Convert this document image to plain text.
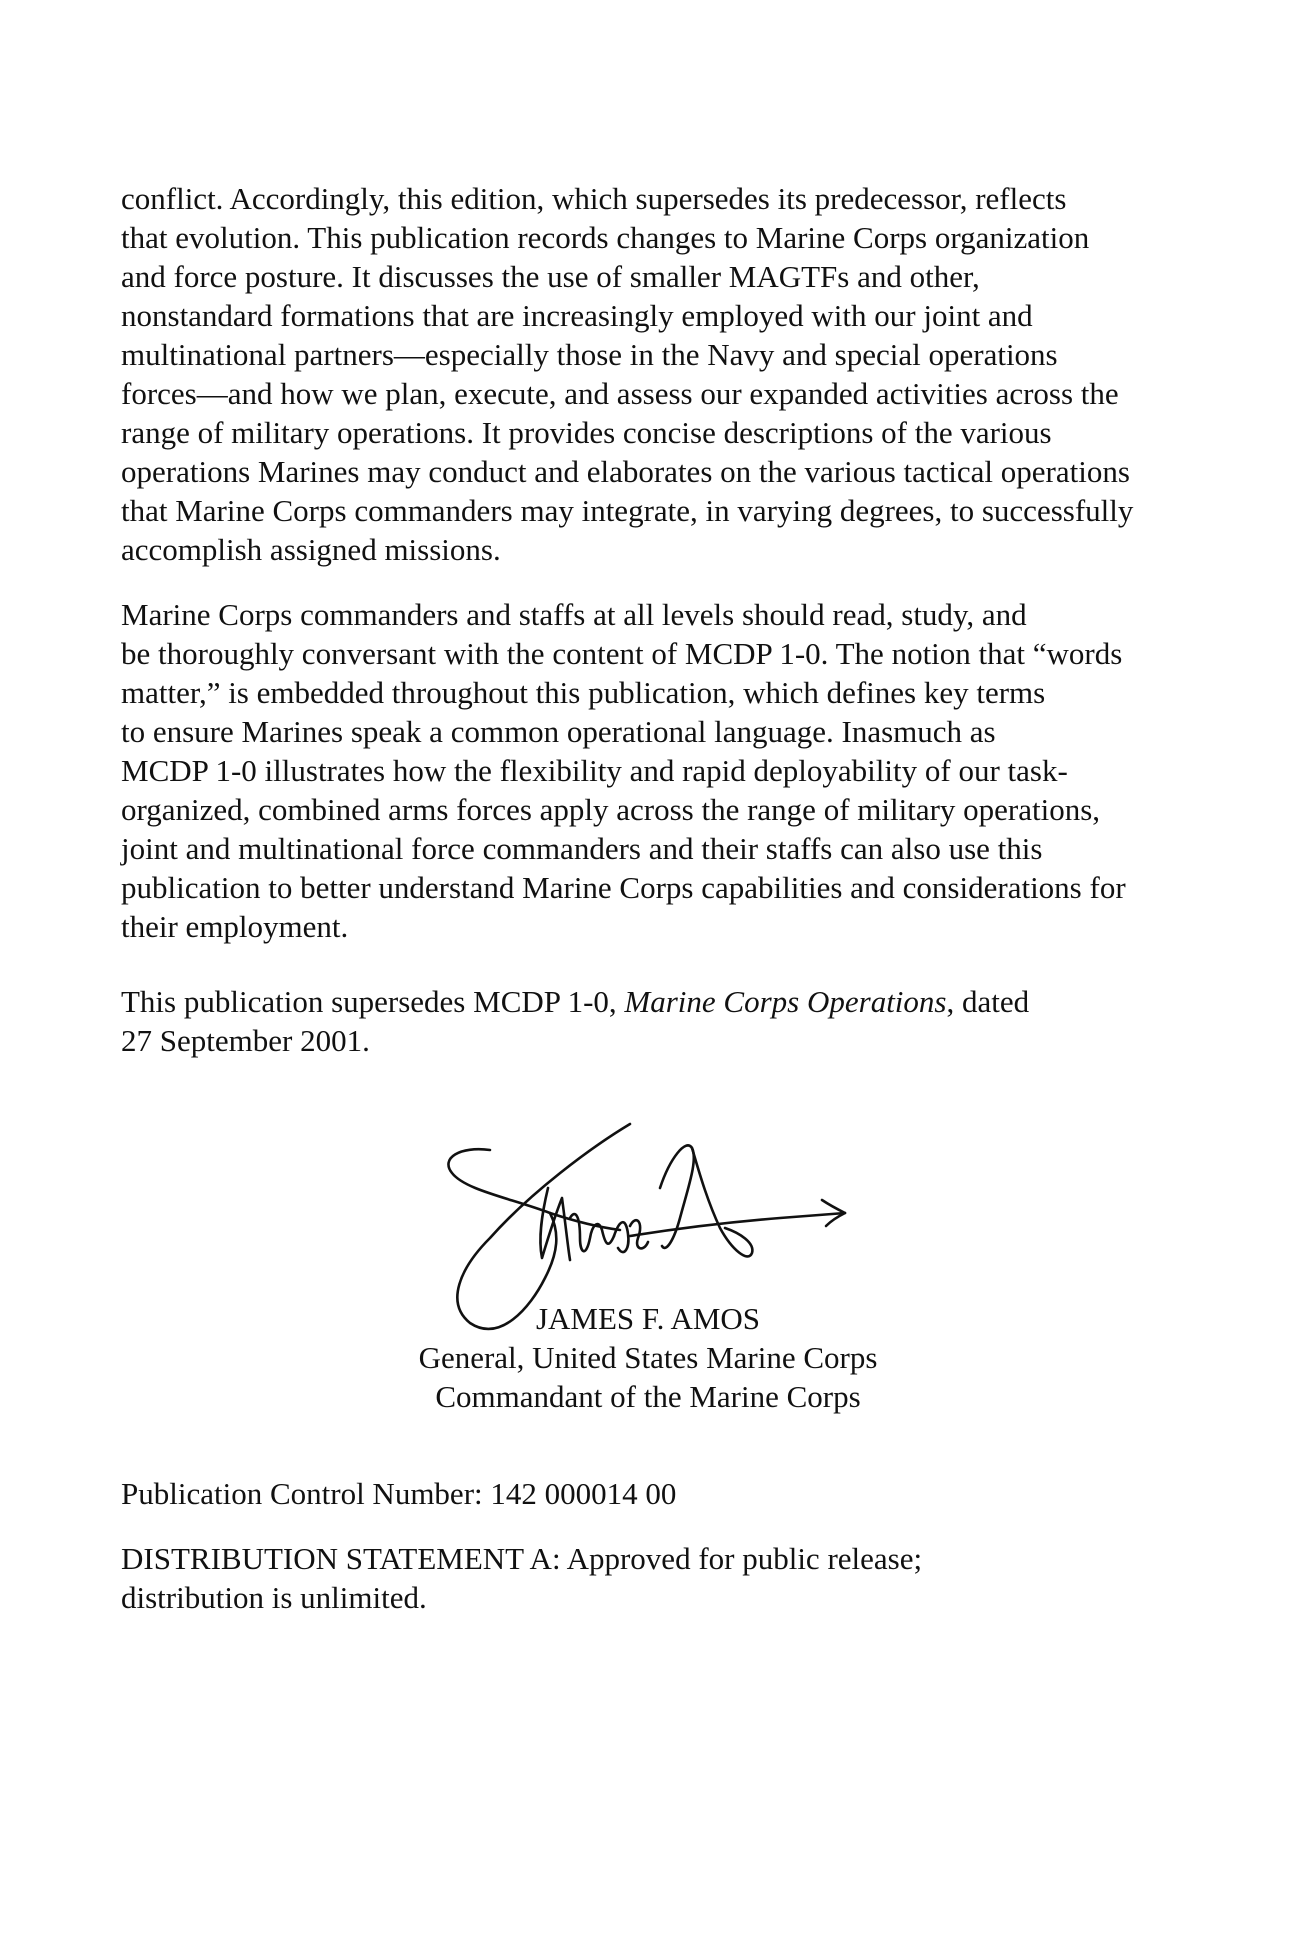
conflict. Accordingly, this edition, which supersedes its predecessor, reflects
that evolution. This publication records changes to Marine Corps organization
and force posture. It discusses the use of smaller MAGTFs and other,
nonstandard formations that are increasingly employed with our joint and
multinational partners—especially those in the Navy and special operations
forces—and how we plan, execute, and assess our expanded activities across the
range of military operations. It provides concise descriptions of the various
operations Marines may conduct and elaborates on the various tactical operations
that Marine Corps commanders may integrate, in varying degrees, to successfully
accomplish assigned missions.
Marine Corps commanders and staffs at all levels should read, study, and
be thoroughly conversant with the content of MCDP 1-0. The notion that “words
matter,” is embedded throughout this publication, which defines key terms
to ensure Marines speak a common operational language. Inasmuch as
MCDP 1-0 illustrates how the flexibility and rapid deployability of our task-
organized, combined arms forces apply across the range of military operations,
joint and multinational force commanders and their staffs can also use this
publication to better understand Marine Corps capabilities and considerations for
their employment.
This publication supersedes MCDP 1-0, Marine Corps Operations, dated
27 September 2001.
JAMES F. AMOS
General, United States Marine Corps
Commandant of the Marine Corps
Publication Control Number: 142 000014 00
DISTRIBUTION STATEMENT A: Approved for public release;
distribution is unlimited.
